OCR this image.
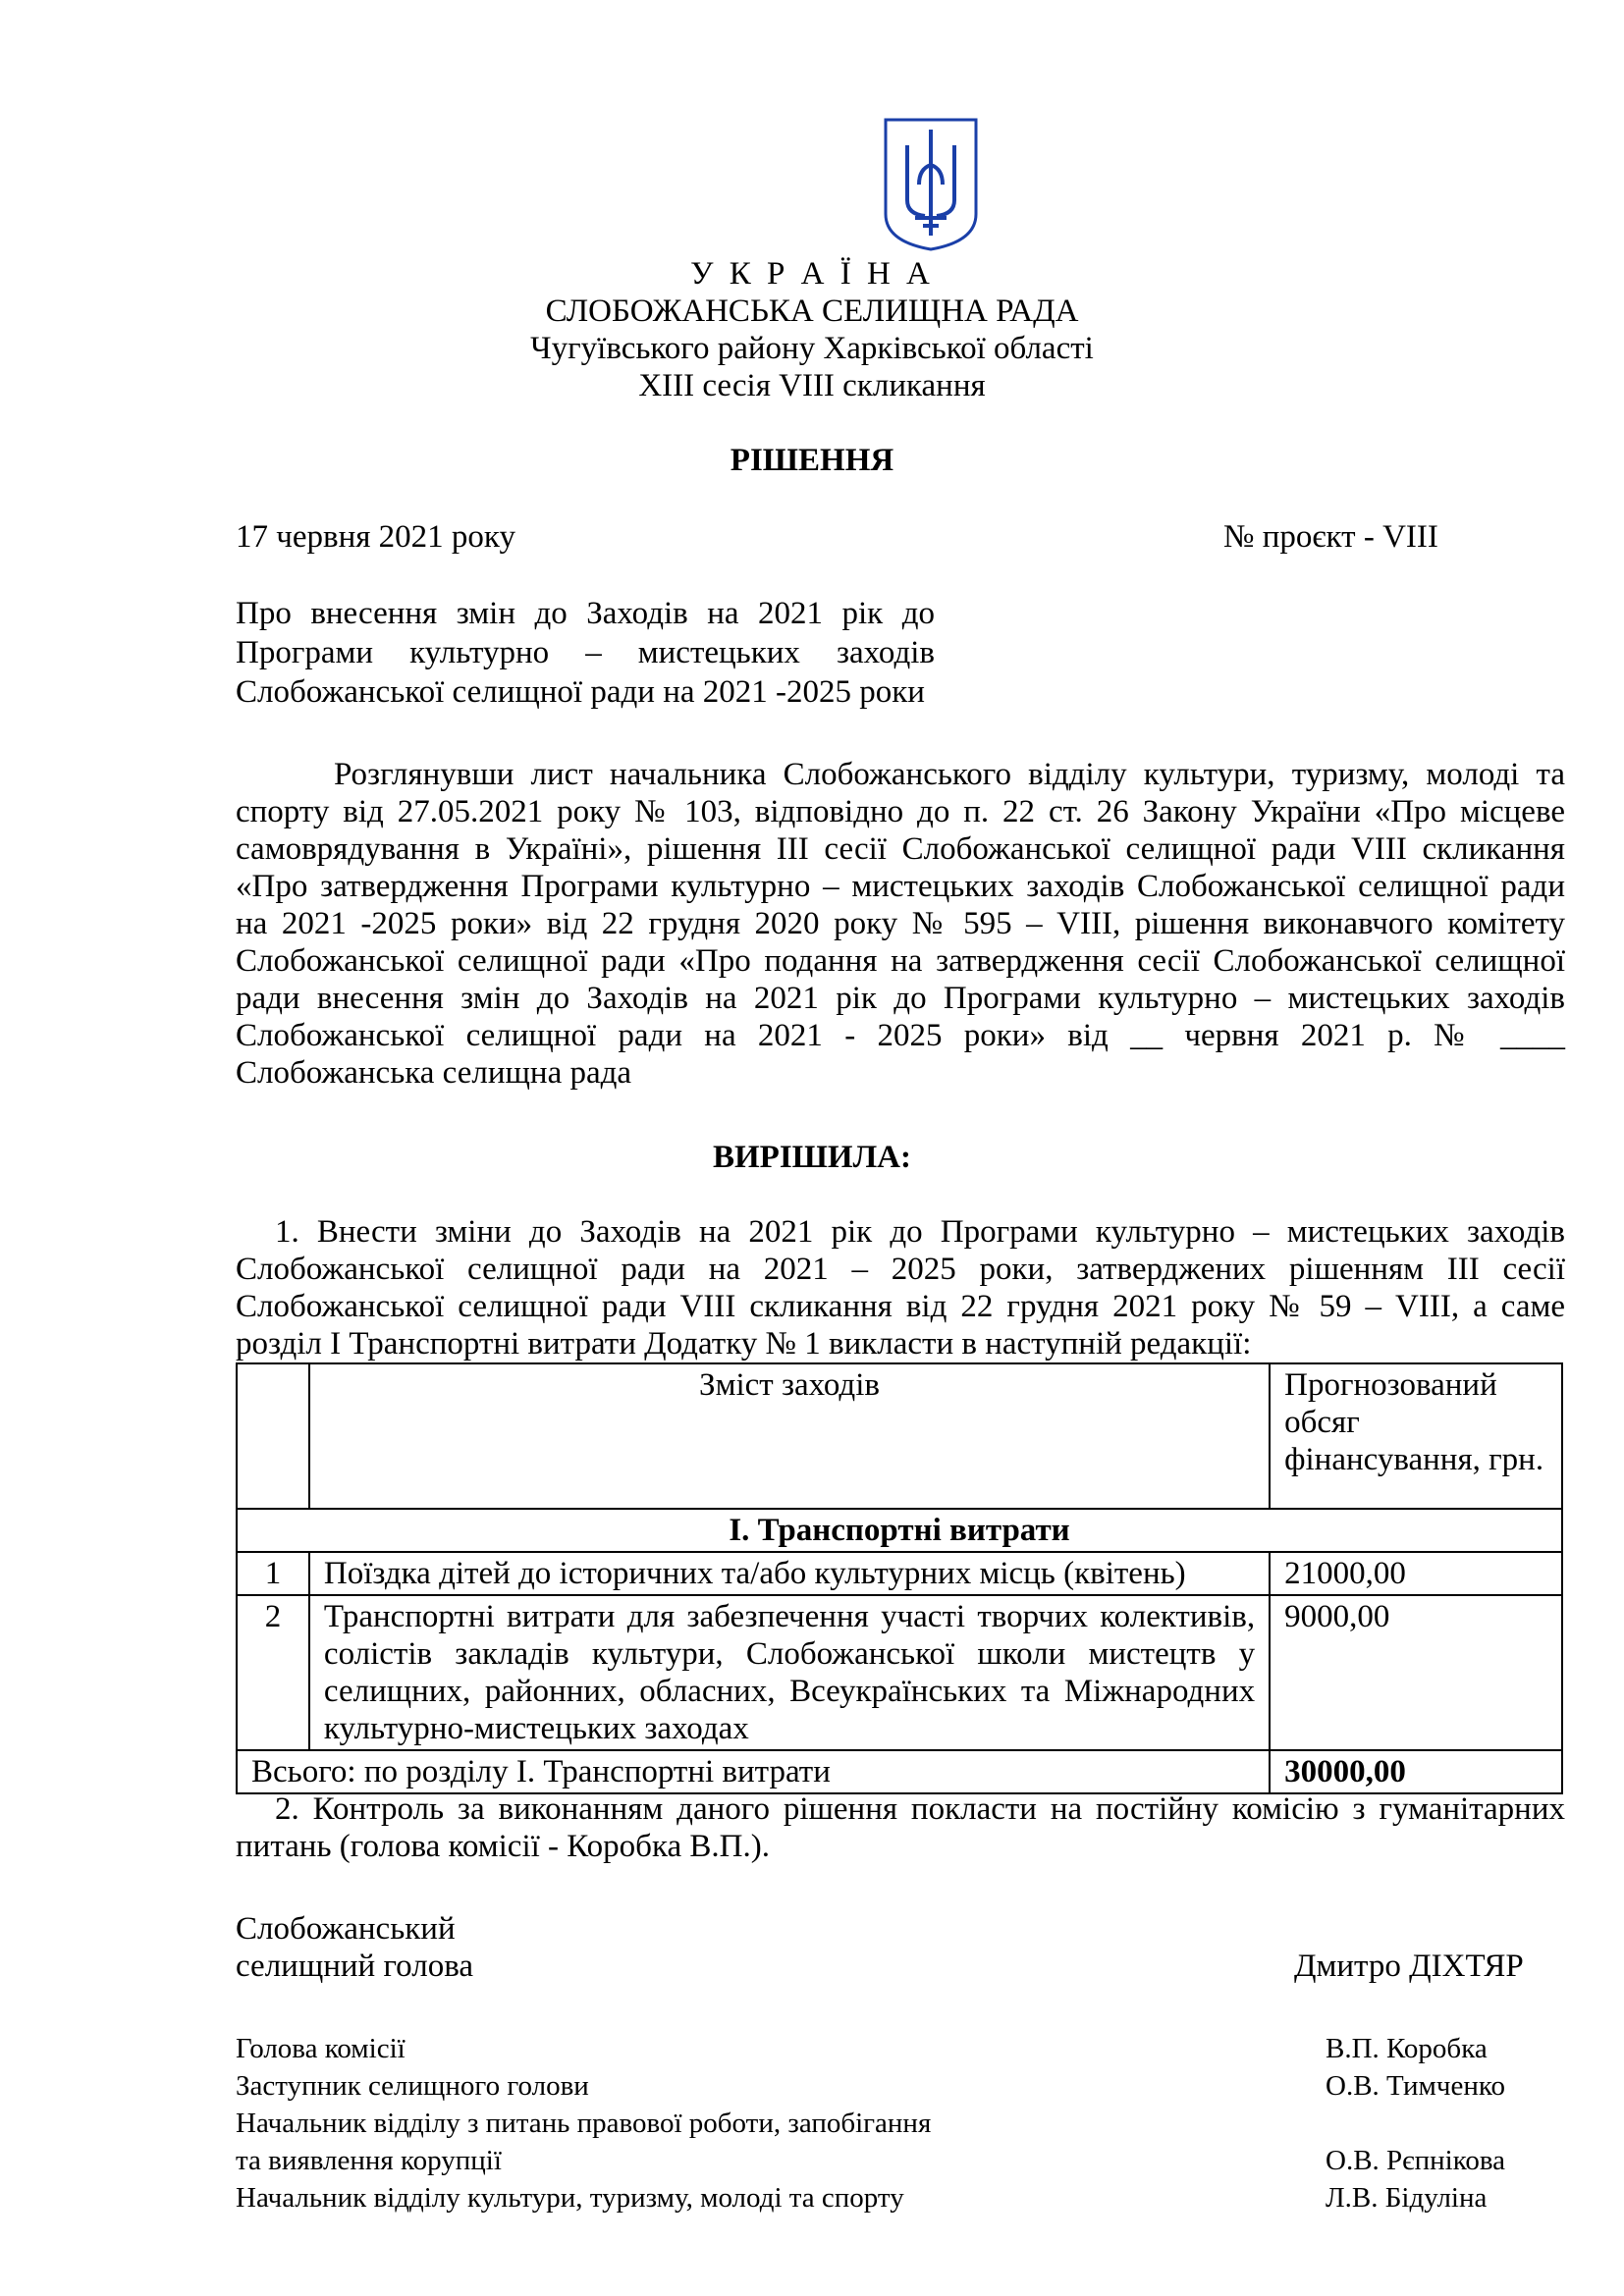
У К Р А Ї Н А
СЛОБОЖАНСЬКА СЕЛИЩНА РАДА
Чугуївського району Харківської області
XIII сесія VIII скликання
РІШЕННЯ
17 червня 2021 року	№ проєкт - VIII
Про внесення змін до Заходів на 2021 рік до
Програми культурно – мистецьких заходів
Слобожанської селищної ради на 2021 -2025 роки
Розглянувши лист начальника Слобожанського відділу культури, туризму, молоді та
спорту від 27.05.2021 року № 103, відповідно до п. 22 ст. 26 Закону України «Про місцеве
самоврядування в Україні», рішення ІІІ сесії Слобожанської селищної ради VІІІ скликання
«Про затвердження Програми культурно – мистецьких заходів Слобожанської селищної ради
на 2021 -2025 роки» від 22 грудня 2020 року № 595 – VІІІ, рішення виконавчого комітету
Слобожанської селищної ради «Про подання на затвердження сесії Слобожанської селищної
ради внесення змін до Заходів на 2021 рік до Програми культурно – мистецьких заходів
Слобожанської селищної ради на 2021 - 2025 роки» від __ червня 2021 р. № ____
Слобожанська селищна рада
ВИРІШИЛА:
1. Внести зміни до Заходів на 2021 рік до Програми культурно – мистецьких заходів
Слобожанської селищної ради на 2021 – 2025 роки, затверджених рішенням ІІІ сесії
Слобожанської селищної ради VІІІ скликання від 22 грудня 2021 року № 59 – VІІІ, а саме
розділ І Транспортні витрати Додатку № 1 викласти в наступній редакції:
	Зміст заходів	Прогнозований обсяг фінансування, грн.
І. Транспортні витрати		
1	Поїздка дітей до історичних та/або культурних місць (квітень)	21000,00
2	Транспортні витрати для забезпечення участі творчих колективів, солістів закладів культури, Слобожанської школи мистецтв у селищних, районних, обласних, Всеукраїнських та Міжнародних культурно-мистецьких заходах	9000,00
Всього: по розділу І. Транспортні витрати		30000,00
2. Контроль за виконанням даного рішення покласти на постійну комісію з гуманітарних
питань (голова комісії - Коробка В.П.).
Слобожанський
селищний голова	Дмитро ДІХТЯР
Голова комісії	В.П. Коробка
Заступник селищного голови	О.В. Тимченко
Начальник відділу з питань правової роботи, запобігання
та виявлення корупції	О.В. Рєпнікова
Начальник відділу культури, туризму, молоді та спорту	Л.В. Бідуліна
